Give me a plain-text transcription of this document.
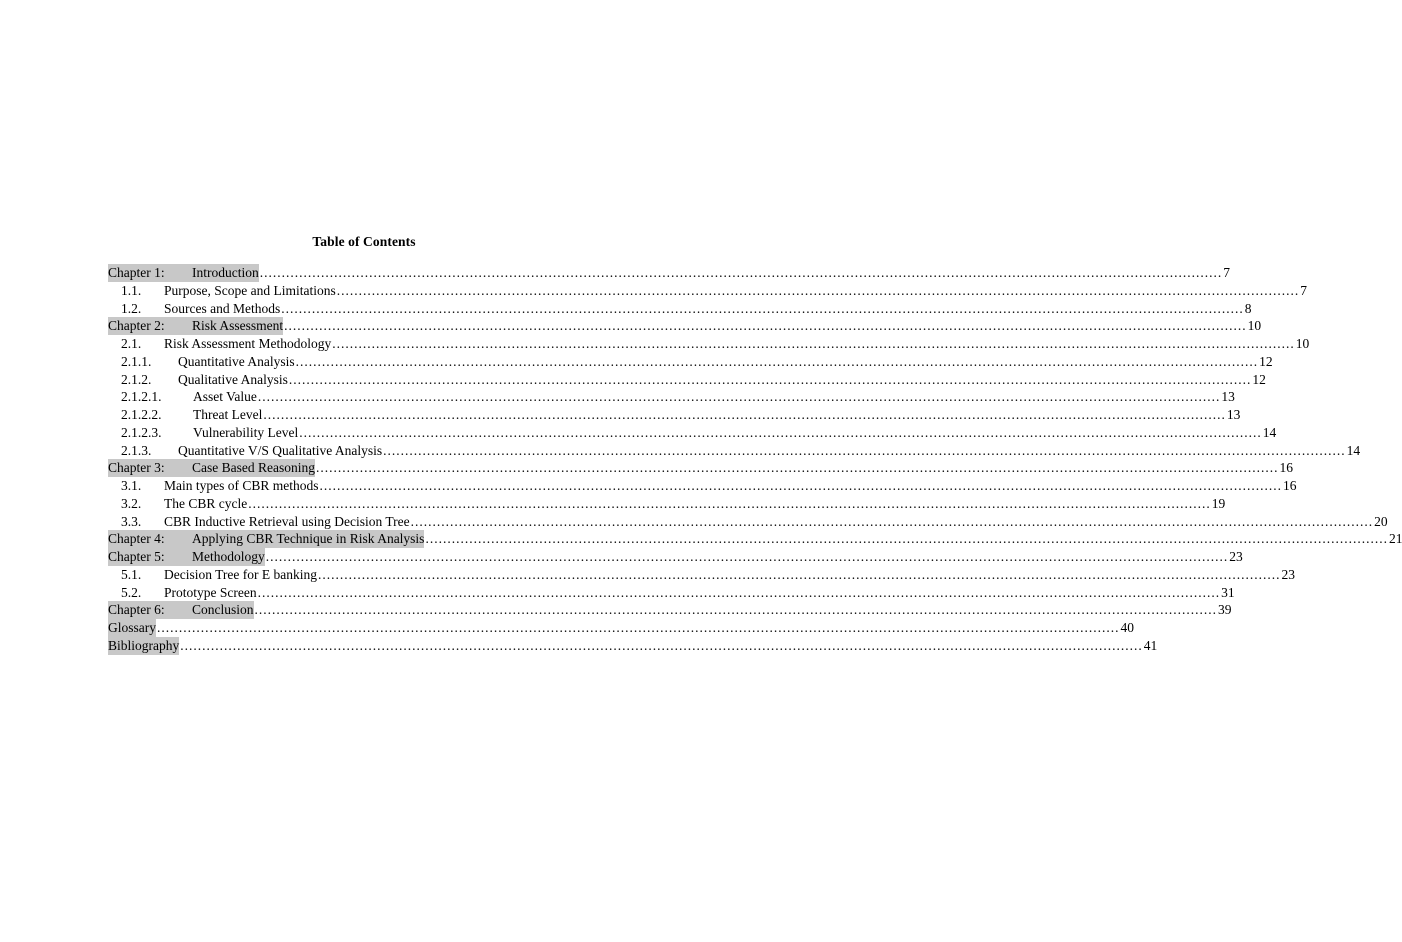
Table of Contents
Chapter 1:	Introduction ............................................................................................................................................................................................................................ 7
1.1.	Purpose, Scope and Limitations ............................................................................................................................................................................................................................ 7
1.2.	Sources and Methods ............................................................................................................................................................................................................................ 8
Chapter 2:	Risk Assessment ............................................................................................................................................................................................................................ 10
2.1.	Risk Assessment Methodology ............................................................................................................................................................................................................................ 10
2.1.1.	Quantitative Analysis ............................................................................................................................................................................................................................ 12
2.1.2.	Qualitative Analysis ............................................................................................................................................................................................................................ 12
2.1.2.1.	Asset Value ............................................................................................................................................................................................................................ 13
2.1.2.2.	Threat Level ............................................................................................................................................................................................................................ 13
2.1.2.3.	Vulnerability Level ............................................................................................................................................................................................................................ 14
2.1.3.	Quantitative V/S Qualitative Analysis ............................................................................................................................................................................................................................ 14
Chapter 3:	Case Based Reasoning ............................................................................................................................................................................................................................ 16
3.1.	Main types of CBR methods ............................................................................................................................................................................................................................ 16
3.2.	The CBR cycle ............................................................................................................................................................................................................................ 19
3.3.	CBR Inductive Retrieval using Decision Tree ............................................................................................................................................................................................................................ 20
Chapter 4:	Applying CBR Technique in Risk Analysis ............................................................................................................................................................................................................................ 21
Chapter 5:	Methodology ............................................................................................................................................................................................................................ 23
5.1.	Decision Tree for E banking ............................................................................................................................................................................................................................ 23
5.2.	Prototype Screen ............................................................................................................................................................................................................................ 31
Chapter 6:	Conclusion ............................................................................................................................................................................................................................ 39
Glossary ............................................................................................................................................................................................................................ 40
Bibliography ............................................................................................................................................................................................................................ 41
